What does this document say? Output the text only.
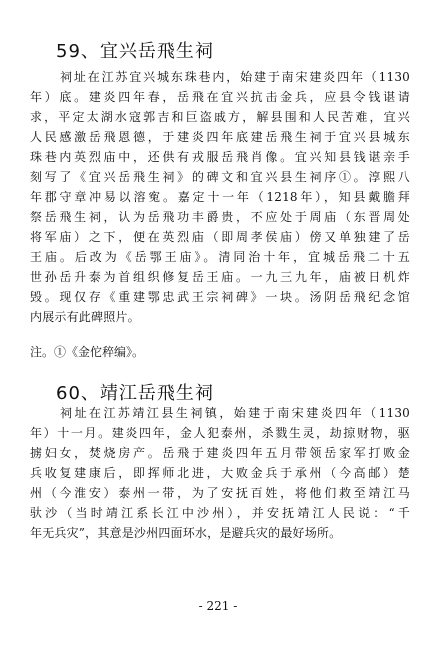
59、宜兴岳飛生祠
祠址在江苏宜兴城东珠巷内，始建于南宋建炎四年（1130
年）底。建炎四年春，岳飛在宜兴抗击金兵，应县令钱谌请
求，平定太湖水寇郭吉和巨盗戚方，解县围和人民苦难，宜兴
人民感激岳飛恩德，于建炎四年底建岳飛生祠于宜兴县城东
珠巷内英烈庙中，还供有戎服岳飛肖像。宜兴知县钱谌亲手
刻写了《宜兴岳飛生祠》的碑文和宜兴县生祠序①。淳熙八
年郡守章冲易以溶寃。嘉定十一年（1218年），知县戴膽拜
祭岳飛生祠，认为岳飛功丰爵贵，不应处于周庙（东晋周处
将军庙）之下，便在英烈庙（即周孝侯庙）傍又单独建了岳
王庙。后改为《岳鄂王庙》。清同治十年，宜城岳飛二十五
世孙岳升泰为首组织修复岳王庙。一九三九年，庙被日机炸
毁。现仅存《重建鄂忠武王宗祠碑》一块。汤阴岳飛纪念馆
内展示有此碑照片。

注。①《金佗稡编》。

60、靖江岳飛生祠
祠址在江苏靖江县生祠镇，始建于南宋建炎四年（1130
年）十一月。建炎四年，金人犯泰州，杀戮生灵，劫掠财物，驱
掳妇女，焚烧房产。岳飛于建炎四年五月带领岳家军打败金
兵收复建康后，即挥师北进，大败金兵于承州（今高邮）楚
州（今淮安）泰州一带，为了安抚百姓，将他们救至靖江马
驮沙（当时靖江系长江中沙州），并安抚靖江人民说：“千
年无兵灾”，其意是沙州四面环水，是避兵灾的最好场所。
- 221 -
